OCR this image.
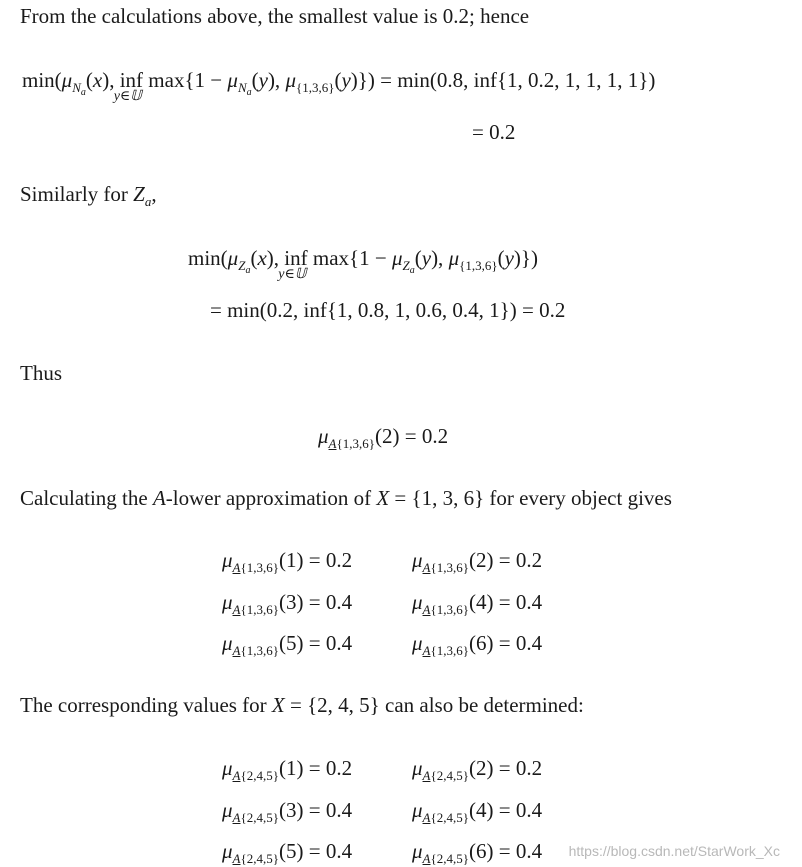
From the calculations above, the smallest value is 0.2; hence
$\min(\mu_{N_a}(x)$, inf
y∈𝕌
$\max\{1 - \mu_{N_a}(y)$, $\mu_{\{1,3,6\}}(y)\}) = \min(0.8$, inf{1, 0.2, 1, 1, 1, 1})
= 0.2
Similarly for $Z_a$,
$\min(\mu_{Z_a}(x)$, inf
y∈𝕌
$\max\{1 - \mu_{Z_a}(y)$, $\mu_{\{1,3,6\}}(y)$})
= min(0.2, inf{1, 0.8, 1, 0.6, 0.4, 1}) = 0.2
Thus
$\mu_{A\{1,3,6\}}(2) = 0.2$
Calculating the A-lower approximation of X = {1, 3, 6} for every object gives
$\mu_{A\{1,3,6\}}(1) = 0.2$	$\mu_{A\{1,3,6\}}(2) = 0.2$
$\mu_{A\{1,3,6\}}(3) = 0.4$	$\mu_{A\{1,3,6\}}(4) = 0.4$
$\mu_{A\{1,3,6\}}(5) = 0.4$	$\mu_{A\{1,3,6\}}(6) = 0.4$
The corresponding values for X = {2, 4, 5} can also be determined:
$\mu_{A\{2,4,5\}}(1) = 0.2$	$\mu_{A\{2,4,5\}}(2) = 0.2$
$\mu_{A\{2,4,5\}}(3) = 0.4$	$\mu_{A\{2,4,5\}}(4) = 0.4$
$\mu_{A\{2,4,5\}}(5) = 0.4$	$\mu_{A\{2,4,5\}}(6) = 0.4$	https://blog.csdn.net/StarWork_Xc
